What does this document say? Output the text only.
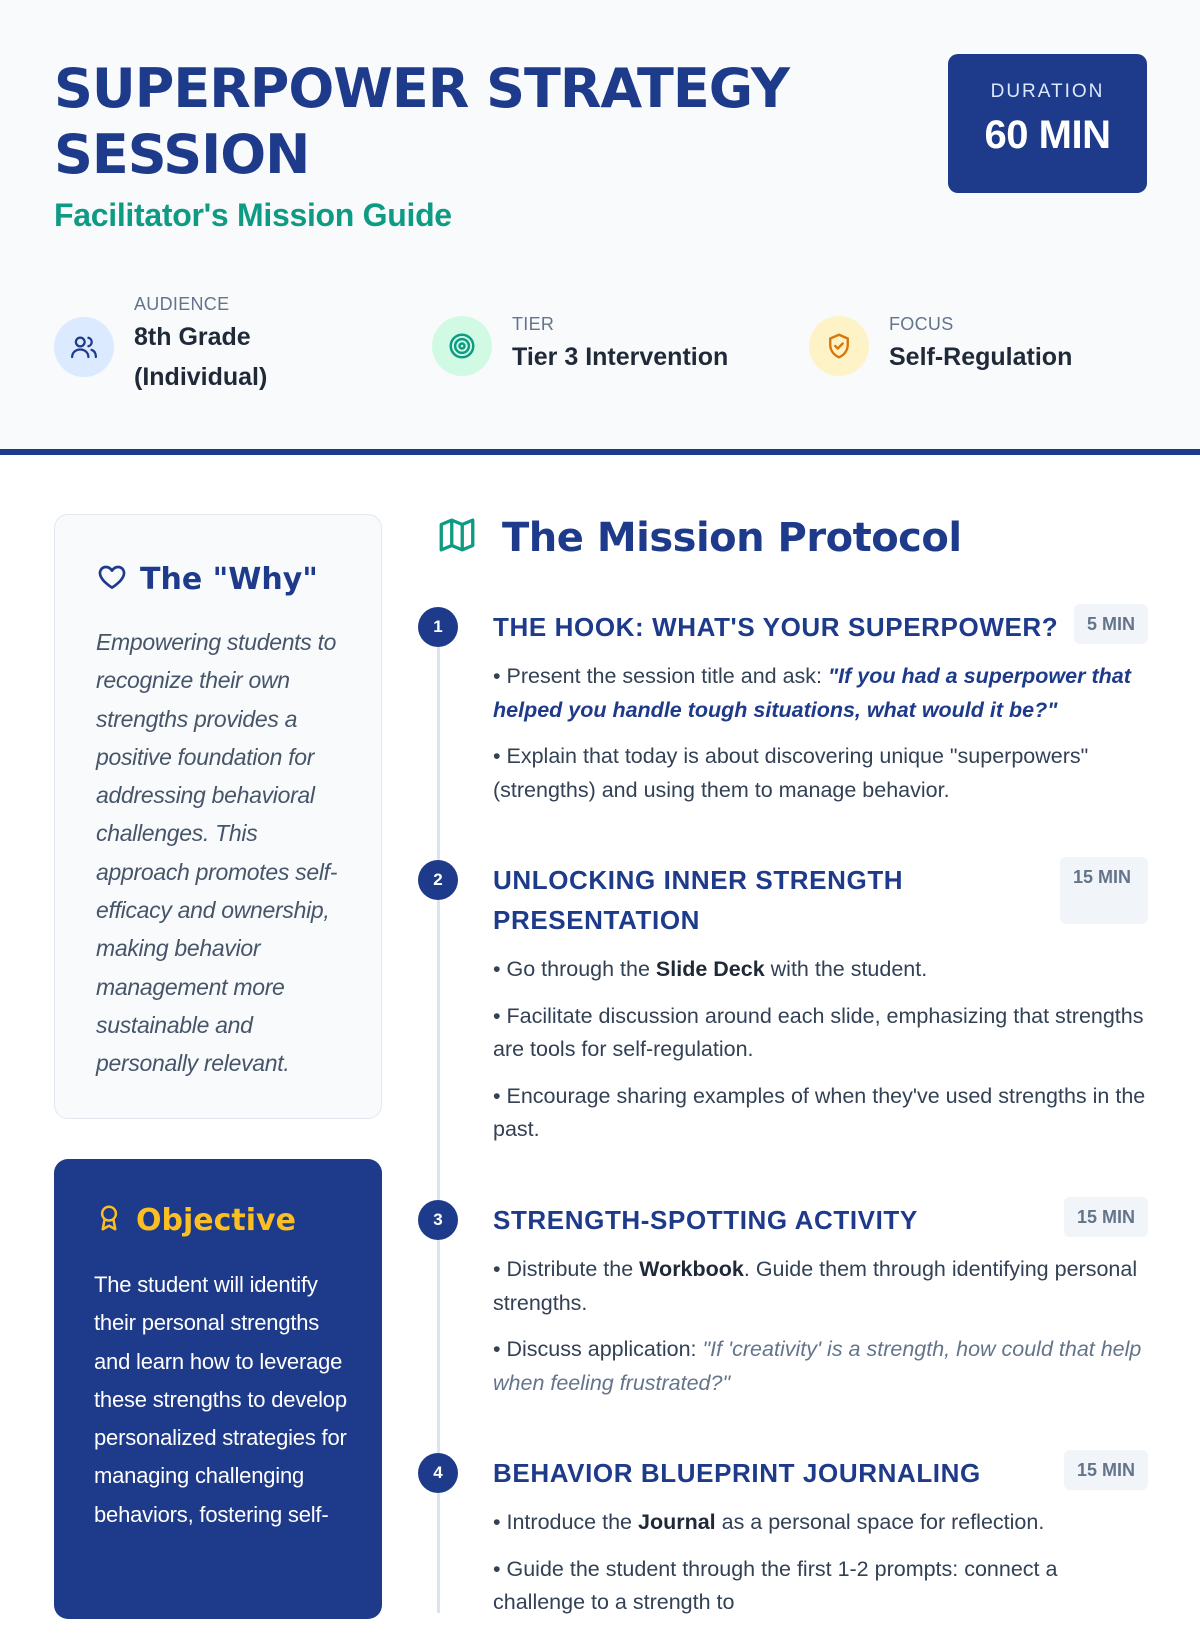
SUPERPOWER STRATEGY SESSION
Facilitator's Mission Guide
DURATION
60 MIN
AUDIENCE
8th Grade (Individual)
TIER
Tier 3 Intervention
FOCUS
Self-Regulation
The "Why"
Empowering students to recognize their own strengths provides a positive foundation for addressing behavioral challenges. This approach promotes self-efficacy and ownership, making behavior management more sustainable and personally relevant.
Objective
The student will identify their personal strengths and learn how to leverage these strengths to develop personalized strategies for managing challenging behaviors, fostering self-
The Mission Protocol
1	THE HOOK: WHAT'S YOUR SUPERPOWER?	5 MIN

• Present the session title and ask: "If you had a superpower that helped you handle tough situations, what would it be?"

• Explain that today is about discovering unique "superpowers" (strengths) and using them to manage behavior.

2	UNLOCKING INNER STRENGTH PRESENTATION
15 MIN

• Go through the Slide Deck with the student.

• Facilitate discussion around each slide, emphasizing that strengths are tools for self-regulation.

• Encourage sharing examples of when they've used strengths in the past.

3	STRENGTH-SPOTTING ACTIVITY	15 MIN

• Distribute the Workbook. Guide them through identifying personal strengths.

• Discuss application: "If 'creativity' is a strength, how could that help when feeling frustrated?"

4	BEHAVIOR BLUEPRINT JOURNALING	15 MIN

• Introduce the Journal as a personal space for reflection.

• Guide the student through the first 1-2 prompts: connect a challenge to a strength to
